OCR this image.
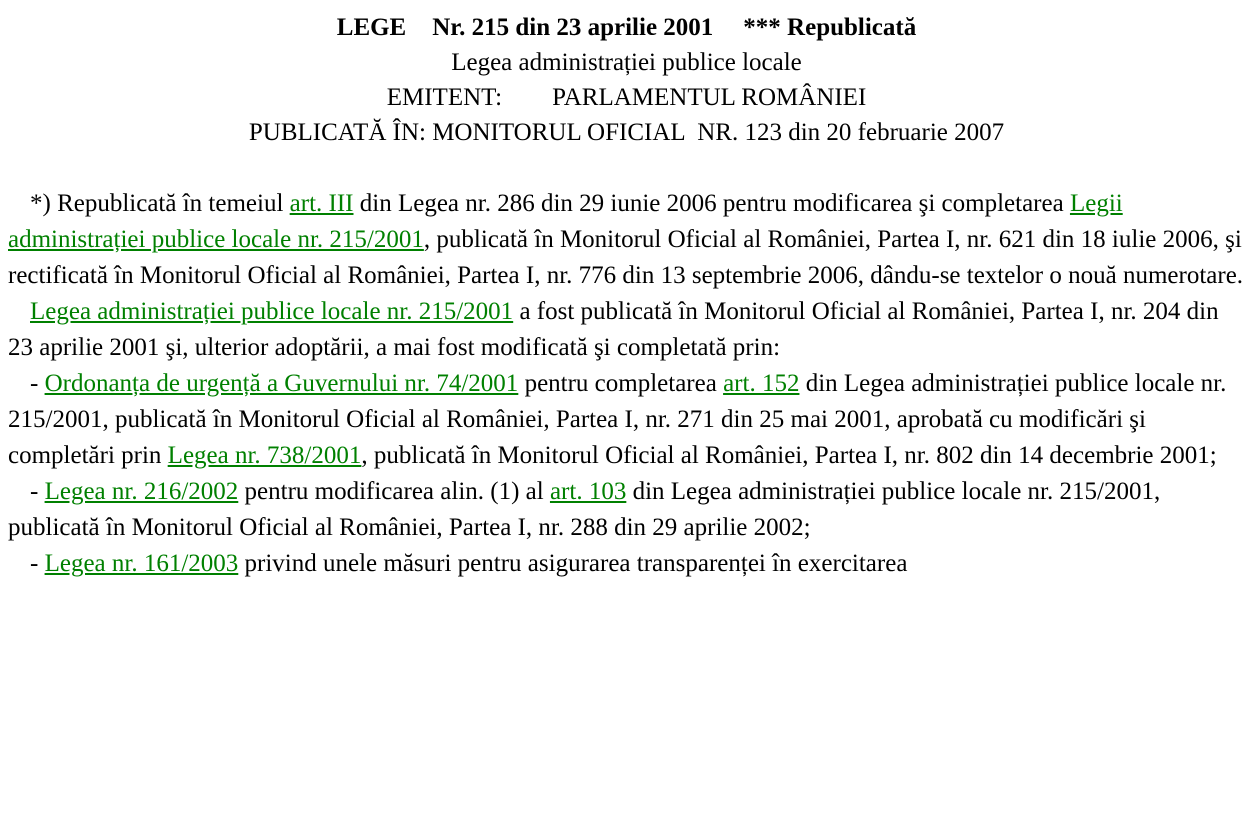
LEGE Nr. 215 din 23 aprilie 2001 *** Republicată
Legea administrației publice locale
EMITENT: PARLAMENTUL ROMÂNIEI
PUBLICATĂ ÎN: MONITORUL OFICIAL  NR. 123 din 20 februarie 2007

*) Republicată în temeiul art. III din Legea nr. 286 din 29 iunie 2006 pentru modificarea şi completarea Legii administrației publice locale nr. 215/2001, publicată în Monitorul Oficial al României, Partea I, nr. 621 din 18 iulie 2006, şi rectificată în Monitorul Oficial al României, Partea I, nr. 776 din 13 septembrie 2006, dându-se textelor o nouă numerotare.

Legea administrației publice locale nr. 215/2001 a fost publicată în Monitorul Oficial al României, Partea I, nr. 204 din 23 aprilie 2001 şi, ulterior adoptării, a mai fost modificată şi completată prin:

- Ordonanța de urgență a Guvernului nr. 74/2001 pentru completarea art. 152 din Legea administrației publice locale nr. 215/2001, publicată în Monitorul Oficial al României, Partea I, nr. 271 din 25 mai 2001, aprobată cu modificări şi completări prin Legea nr. 738/2001, publicată în Monitorul Oficial al României, Partea I, nr. 802 din 14 decembrie 2001;

- Legea nr. 216/2002 pentru modificarea alin. (1) al art. 103 din Legea administrației publice locale nr. 215/2001, publicată în Monitorul Oficial al României, Partea I, nr. 288 din 29 aprilie 2002;

- Legea nr. 161/2003 privind unele măsuri pentru asigurarea transparenței în exercitarea
